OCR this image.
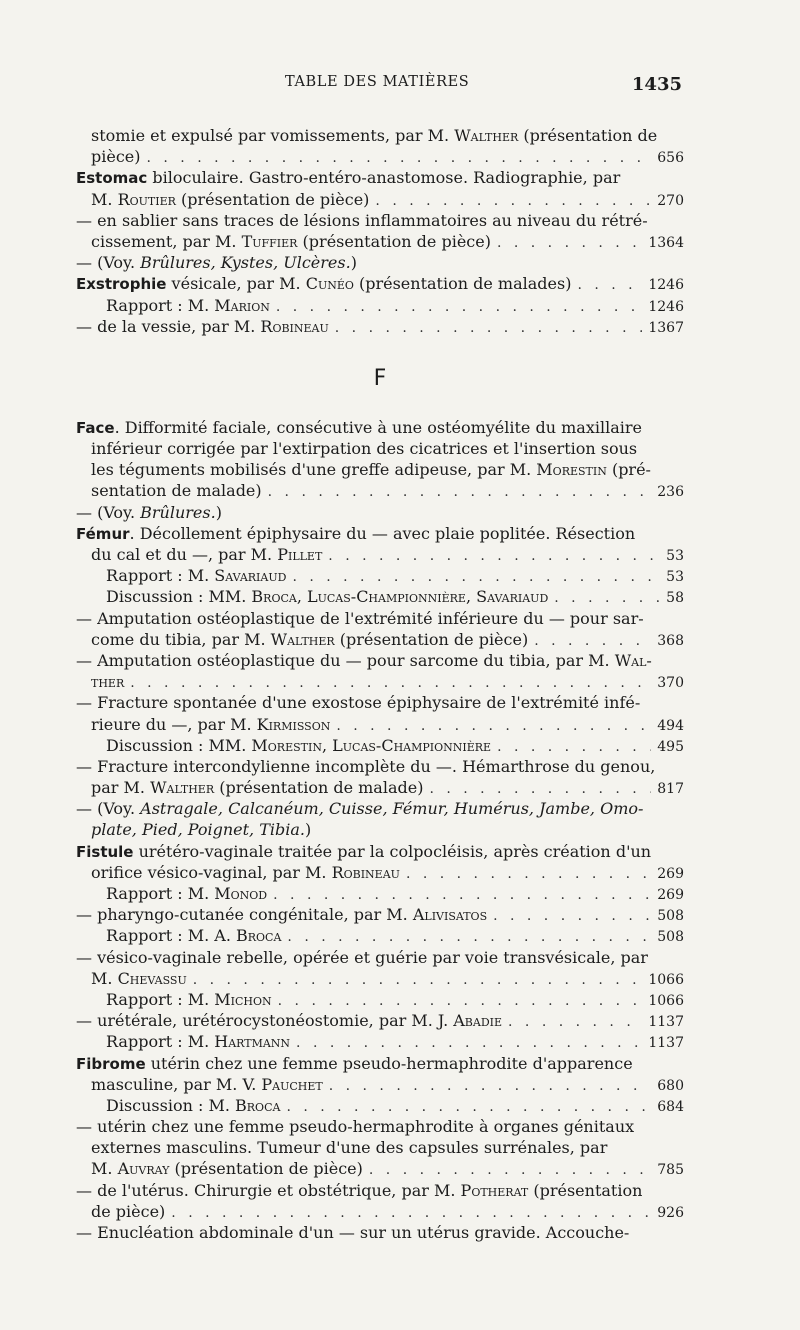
TABLE DES MATIÈRES	1435
stomie et expulsé par vomissements, par M. Walther (présentation de
pièce) . . .	656
Estomac biloculaire. Gastro-entéro-anastomose. Radiographie, par
M. Routier (présentation de pièce) . . .	270
— en sablier sans traces de lésions inflammatoires au niveau du rétré-
cissement, par M. Tuffier (présentation de pièce) . . .	1364
— (Voy. Brûlures, Kystes, Ulcères.)
Exstrophie vésicale, par M. Cunéo (présentation de malades) . . .	1246
Rapport : M. Marion . . .	1246
— de la vessie, par M. Robineau . . .	1367
Face. Difformité faciale, consécutive à une ostéomyélite du maxillaire
inférieur corrigée par l'extirpation des cicatrices et l'insertion sous
les téguments mobilisés d'une greffe adipeuse, par M. Morestin (pré-
sentation de malade) . . .	236
— (Voy. Brûlures.)
Fémur. Décollement épiphysaire du — avec plaie poplitée. Résection
du cal et du —, par M. Pillet . . .	53
Rapport : M. Savariaud . . .	53
Discussion : MM. Broca, Lucas-Championnière, Savariaud . . .	58
— Amputation ostéoplastique de l'extrémité inférieure du — pour sar-
come du tibia, par M. Walther (présentation de pièce) . . .	368
— Amputation ostéoplastique du — pour sarcome du tibia, par M. Wal-
ther . . .	370
— Fracture spontanée d'une exostose épiphysaire de l'extrémité infé-
rieure du —, par M. Kirmisson . . .	494
Discussion : MM. Morestin, Lucas-Championnière . . .	495
— Fracture intercondylienne incomplète du —. Hémarthrose du genou,
par M. Walther (présentation de malade) . . .	817
— (Voy. Astragale, Calcanéum, Cuisse, Fémur, Humérus, Jambe, Omo-
plate, Pied, Poignet, Tibia.)
Fistule urétéro-vaginale traitée par la colpocléisis, après création d'un
orifice vésico-vaginal, par M. Robineau . . .	269
Rapport : M. Monod . . .	269
— pharyngo-cutanée congénitale, par M. Alivisatos . . .	508
Rapport : M. A. Broca . . .	508
— vésico-vaginale rebelle, opérée et guérie par voie transvésicale, par
M. Chevassu . . .	1066
Rapport : M. Michon . . .	1066
— urétérale, urétérocystonéostomie, par M. J. Abadie . . .	1137
Rapport : M. Hartmann . . .	1137
Fibrome utérin chez une femme pseudo-hermaphrodite d'apparence
masculine, par M. V. Pauchet . . .	680
Discussion : M. Broca . . .	684
— utérin chez une femme pseudo-hermaphrodite à organes génitaux
externes masculins. Tumeur d'une des capsules surrénales, par
M. Auvray (présentation de pièce) . . .	785
— de l'utérus. Chirurgie et obstétrique, par M. Potherat (présentation
de pièce) . . .	926
— Enucléation abdominale d'un — sur un utérus gravide. Accouche-
F
